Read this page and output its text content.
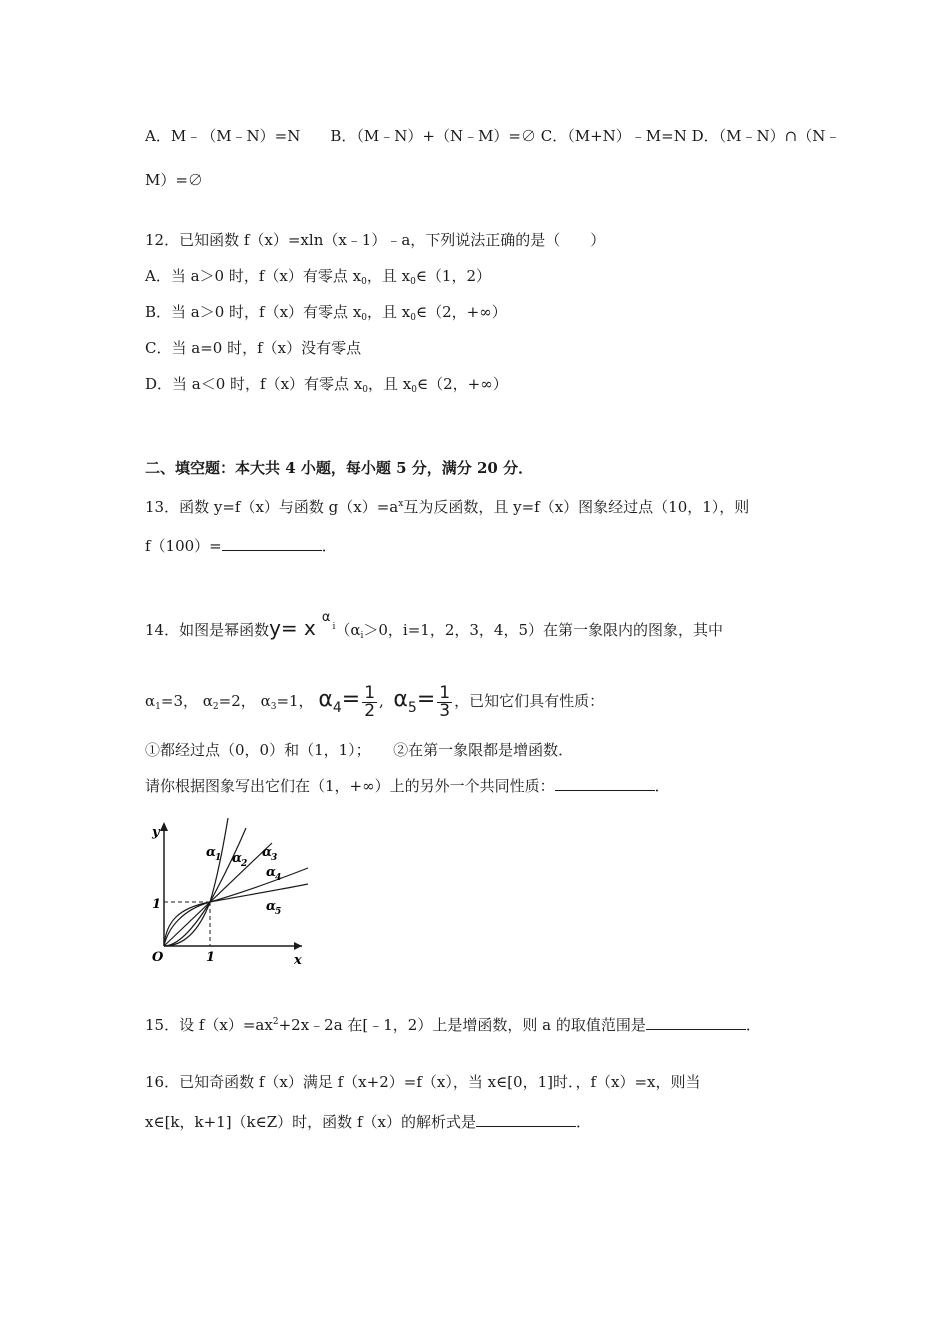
A．M﹣（M﹣N）=N　　B．（M﹣N）+（N﹣M）=∅ C．（M+N）﹣M=N D．（M﹣N）∩（N﹣
M）=∅
12．已知函数 f（x）=xln（x﹣1）﹣a，下列说法正确的是（　　）
A．当 a＞0 时，f（x）有零点 $x_0$，且 $x_0\in(1$，2）
B．当 a＞0 时，f（x）有零点 $x_0$，且 $x_0\in(2$，+∞）
C．当 a=0 时，f（x）没有零点
D．当 a＜0 时，f（x）有零点 $x_0$，且 $x_0\in(2$，+∞）
二、填空题：本大共 4 小题，每小题 5 分，满分 20 分．
13．函数 y=f（x）与函数 $g(x)=a^x$互为反函数，且 y=f（x）图象经过点（10，1），则
f（100）=	．
14．如图是幂函数y= x $\alpha^i(\alpha_i>0$，i=1，2，3，4，5）在第一象限内的图象，其中
$\alpha_1=3$， $\alpha_2=2$， $\alpha_3=1$， $\alpha 4= \frac{1}{2}$ ,  $\alpha 5= \frac{1}{3}$ ，已知它们具有性质：
①都经过点（0，0）和（1，1）；　　②在第一象限都是增函数．
请你根据图象写出它们在（1，+∞）上的另外一个共同性质：	．
y
x
O	1
1
α
1 α
2
α
3
α
4
α
5
15．设 $f(x)=ax^2+2x﹣2a$ 在[﹣1，2）上是增函数，则 a 的取值范围是	．
16．已知奇函数 f（x）满足 f（x+2）=f（x），当 x∈[0，1]时．，f（x）=x，则当
x∈[k，k+1]（k∈Z）时，函数 f（x）的解析式是	．
